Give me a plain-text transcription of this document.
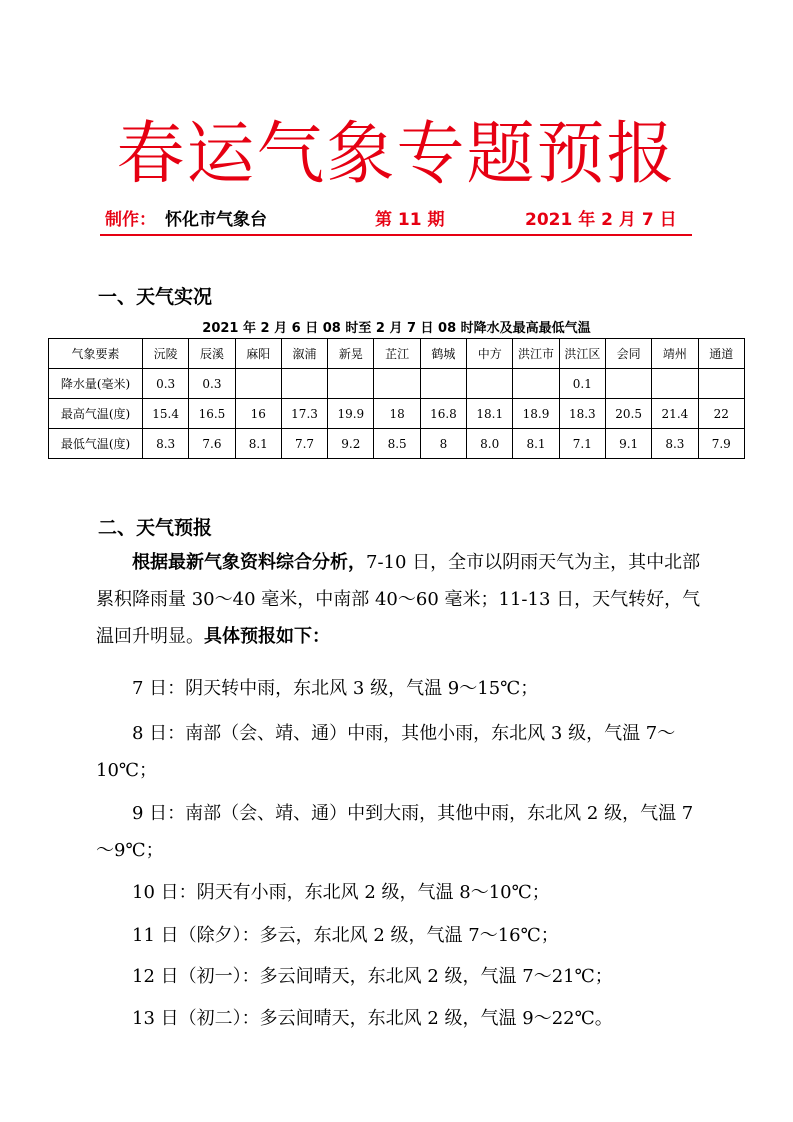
春运气象专题预报
制作： 怀化市气象台	第 11 期	2021 年 2 月 7 日
一、天气实况
2021 年 2 月 6 日 08 时至 2 月 7 日 08 时降水及最高最低气温
气象要素	沅陵	辰溪	麻阳	溆浦	新晃	芷江	鹤城	中方	洪江市	洪江区	会同	靖州	通道
降水量(毫米)	0.3	0.3								0.1			
最高气温(度)	15.4	16.5	16	17.3	19.9	18	16.8	18.1	18.9	18.3	20.5	21.4	22
最低气温(度)	8.3	7.6	8.1	7.7	9.2	8.5	8	8.0	8.1	7.1	9.1	8.3	7.9
二、天气预报
根据最新气象资料综合分析，7-10 日，全市以阴雨天气为主，其中北部累积降雨量 30～40 毫米，中南部 40～60 毫米；11-13 日，天气转好，气温回升明显。具体预报如下：
7 日：阴天转中雨，东北风 3 级，气温 9～15℃；
8 日：南部（会、靖、通）中雨，其他小雨，东北风 3 级，气温 7～10℃；
9 日：南部（会、靖、通）中到大雨，其他中雨，东北风 2 级，气温 7～9℃；
10 日：阴天有小雨，东北风 2 级，气温 8～10℃；
11 日（除夕）：多云，东北风 2 级，气温 7～16℃；
12 日（初一）：多云间晴天，东北风 2 级，气温 7～21℃；
13 日（初二）：多云间晴天，东北风 2 级，气温 9～22℃。
